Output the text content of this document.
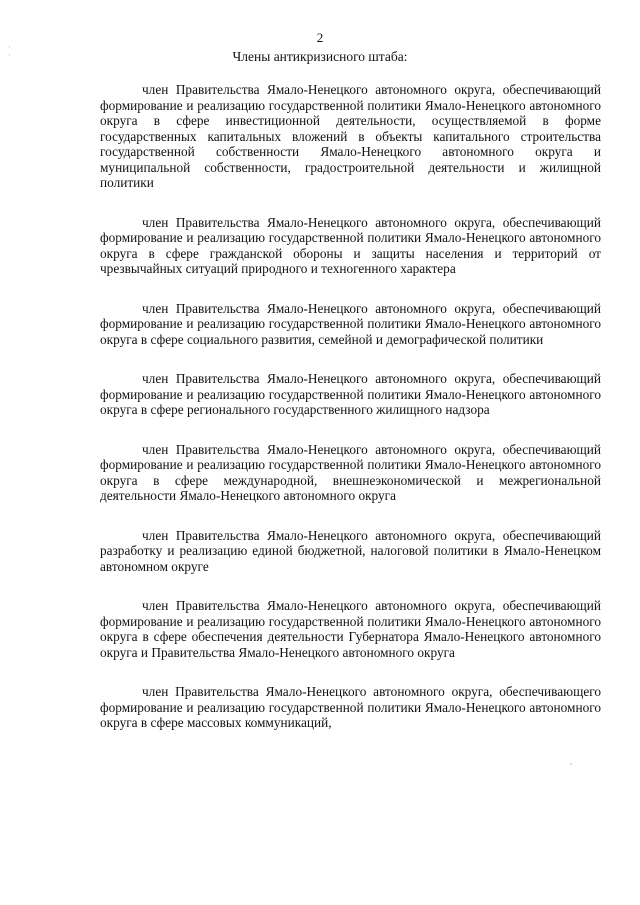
2
Члены антикризисного штаба:

член Правительства Ямало-Ненецкого автономного округа, обеспечивающий формирование и реализацию государственной политики Ямало-Ненецкого автономного округа в сфере инвестиционной деятельности, осуществляемой в форме государственных капитальных вложений в объекты капитального строительства государственной собственности Ямало-Ненецкого автономного округа и муниципальной собственности, градостроительной деятельности и жилищной политики

член Правительства Ямало-Ненецкого автономного округа, обеспечивающий формирование и реализацию государственной политики Ямало-Ненецкого автономного округа в сфере гражданской обороны и защиты населения и территорий от чрезвычайных ситуаций природного и техногенного характера

член Правительства Ямало-Ненецкого автономного округа, обеспечивающий формирование и реализацию государственной политики Ямало-Ненецкого автономного округа в сфере социального развития, семейной и демографической политики

член Правительства Ямало-Ненецкого автономного округа, обеспечивающий формирование и реализацию государственной политики Ямало-Ненецкого автономного округа в сфере регионального государственного жилищного надзора

член Правительства Ямало-Ненецкого автономного округа, обеспечивающий формирование и реализацию государственной политики Ямало-Ненецкого автономного округа в сфере международной, внешнеэкономической и межрегиональной деятельности Ямало-Ненецкого автономного округа

член Правительства Ямало-Ненецкого автономного округа, обеспечивающий разработку и реализацию единой бюджетной, налоговой политики в Ямало-Ненецком автономном округе

член Правительства Ямало-Ненецкого автономного округа, обеспечивающий формирование и реализацию государственной политики Ямало-Ненецкого автономного округа в сфере обеспечения деятельности Губернатора Ямало-Ненецкого автономного округа и Правительства Ямало-Ненецкого автономного округа

член Правительства Ямало-Ненецкого автономного округа, обеспечивающего формирование и реализацию государственной политики Ямало-Ненецкого автономного округа в сфере массовых коммуникаций,

·
·
,
